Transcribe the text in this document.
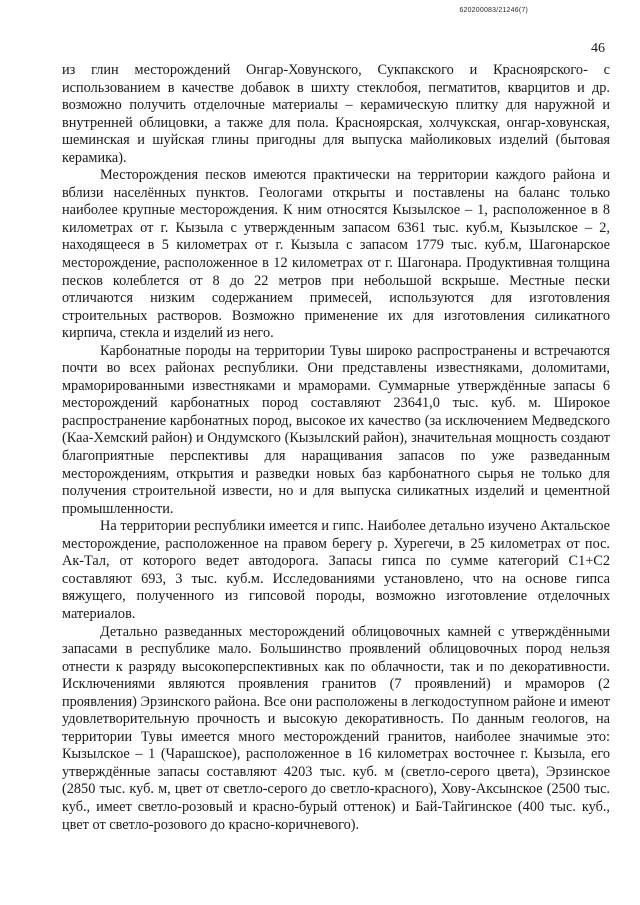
620200083/21246(7)
46

из глин месторождений Онгар-Ховунского, Сукпакского и Красноярского- с использованием в качестве добавок в шихту стеклобоя, пегматитов, кварцитов и др. возможно получить отделочные материалы – керамическую плитку для наружной и внутренней облицовки, а также для пола. Красноярская, холчукская, онгар-ховунская, шеминская и шуйская глины пригодны для выпуска майоликовых изделий (бытовая керамика).

Месторождения песков имеются практически на территории каждого района и вблизи населённых пунктов. Геологами открыты и поставлены на баланс только наиболее крупные месторождения. К ним относятся Кызылское – 1, расположенное в 8 километрах от г. Кызыла с утвержденным запасом 6361 тыс. куб.м, Кызылское – 2, находящееся в 5 километрах от г. Кызыла с запасом 1779 тыс. куб.м, Шагонарское месторождение, расположенное в 12 километрах от г. Шагонара. Продуктивная толщина песков колеблется от 8 до 22 метров при небольшой вскрыше. Местные пески отличаются низким содержанием примесей, используются для изготовления строительных растворов. Возможно применение их для изготовления силикатного кирпича, стекла и изделий из него.

Карбонатные породы на территории Тувы широко распространены и встречаются почти во всех районах республики. Они представлены известняками, доломитами, мраморированными известняками и мраморами. Суммарные утверждённые запасы 6 месторождений карбонатных пород составляют 23641,0 тыс. куб. м. Широкое распространение карбонатных пород, высокое их качество (за исключением Медведского (Каа-Хемский район) и Ондумского (Кызылский район), значительная мощность создают благоприятные перспективы для наращивания запасов по уже разведанным месторождениям, открытия и разведки новых баз карбонатного сырья не только для получения строительной извести, но и для выпуска силикатных изделий и цементной промышленности.

На территории республики имеется и гипс. Наиболее детально изучено Актальское месторождение, расположенное на правом берегу р. Хурегечи, в 25 километрах от пос. Ак-Тал, от которого ведет автодорога. Запасы гипса по сумме категорий С1+С2 составляют 693, 3 тыс. куб.м. Исследованиями установлено, что на основе гипса вяжущего, полученного из гипсовой породы, возможно изготовление отделочных материалов.

Детально разведанных месторождений облицовочных камней с утверждёнными запасами в республике мало. Большинство проявлений облицовочных пород нельзя отнести к разряду высокоперспективных как по облачности, так и по декоративности. Исключениями являются проявления гранитов (7 проявлений) и мраморов (2 проявления) Эрзинского района. Все они расположены в легкодоступном районе и имеют удовлетворительную прочность и высокую декоративность. По данным геологов, на территории Тувы имеется много месторождений гранитов, наиболее значимые это: Кызылское – 1 (Чарашское), расположенное в 16 километрах восточнее г. Кызыла, его утверждённые запасы составляют 4203 тыс. куб. м (светло-серого цвета), Эрзинское (2850 тыс. куб. м, цвет от светло-серого до светло-красного), Хову-Аксынское (2500 тыс. куб., имеет светло-розовый и красно-бурый оттенок) и Бай-Тайгинское (400 тыс. куб., цвет от светло-розового до красно-коричневого).
